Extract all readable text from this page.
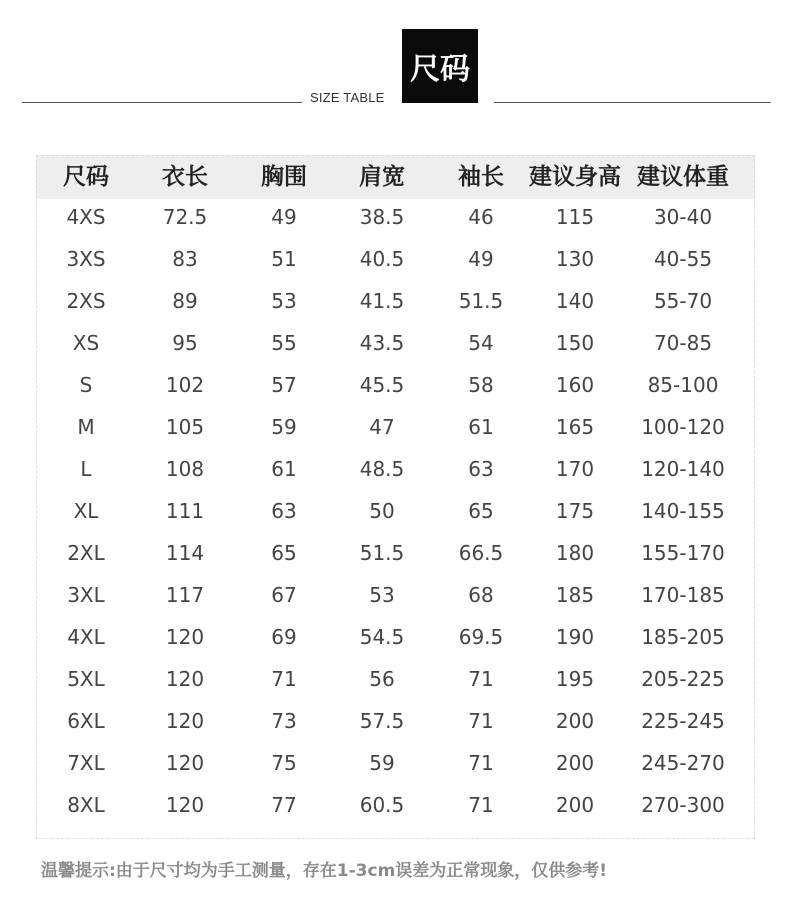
SIZE TABLE
尺码
尺码 衣长 胸围 肩宽 袖长 建议身高 建议体重
4XS	72.5	49	38.5	46	115	30-40
3XS	83	51	40.5	49	130	40-55
2XS	89	53	41.5	51.5	140	55-70
XS	95	55	43.5	54	150	70-85
S	102	57	45.5	58	160	85-100
M	105	59	47	61	165 100-120
L	108	61	48.5	63	170 120-140
XL	111	63	50	65	175 140-155
2XL	114	65	51.5	66.5	180 155-170
3XL	117	67	53	68	185 170-185
4XL	120	69	54.5	69.5	190 185-205
5XL	120	71	56	71	195 205-225
6XL	120	73	57.5	71	200 225-245
7XL	120	75	59	71	200 245-270
8XL	120	77	60.5	71	200 270-300
温馨提示:由于尺寸均为手工测量，存在1-3cm误差为正常现象，仅供参考!
